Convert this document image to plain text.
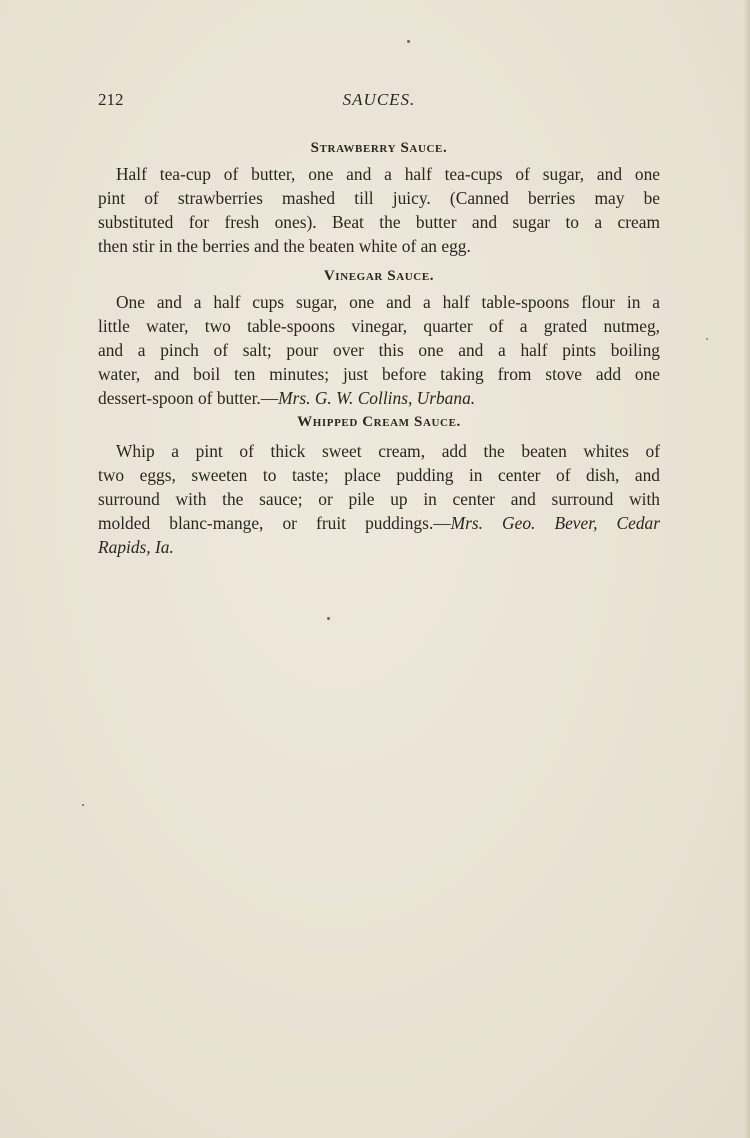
212	SAUCES.
Strawberry Sauce.

Half tea-cup of butter, one and a half tea-cups of sugar, and one
pint of strawberries mashed till juicy. (Canned berries may be
substituted for fresh ones). Beat the butter and sugar to a cream
then stir in the berries and the beaten white of an egg.

Vinegar Sauce.

One and a half cups sugar, one and a half table-spoons flour in a
little water, two table-spoons vinegar, quarter of a grated nutmeg,
and a pinch of salt; pour over this one and a half pints boiling
water, and boil ten minutes; just before taking from stove add one
dessert-spoon of butter.—Mrs. G. W. Collins, Urbana.

Whipped Cream Sauce.

Whip a pint of thick sweet cream, add the beaten whites of
two eggs, sweeten to taste; place pudding in center of dish, and
surround with the sauce; or pile up in center and surround with
molded blanc-mange, or fruit puddings.—Mrs. Geo. Bever, Cedar
Rapids, Ia.
